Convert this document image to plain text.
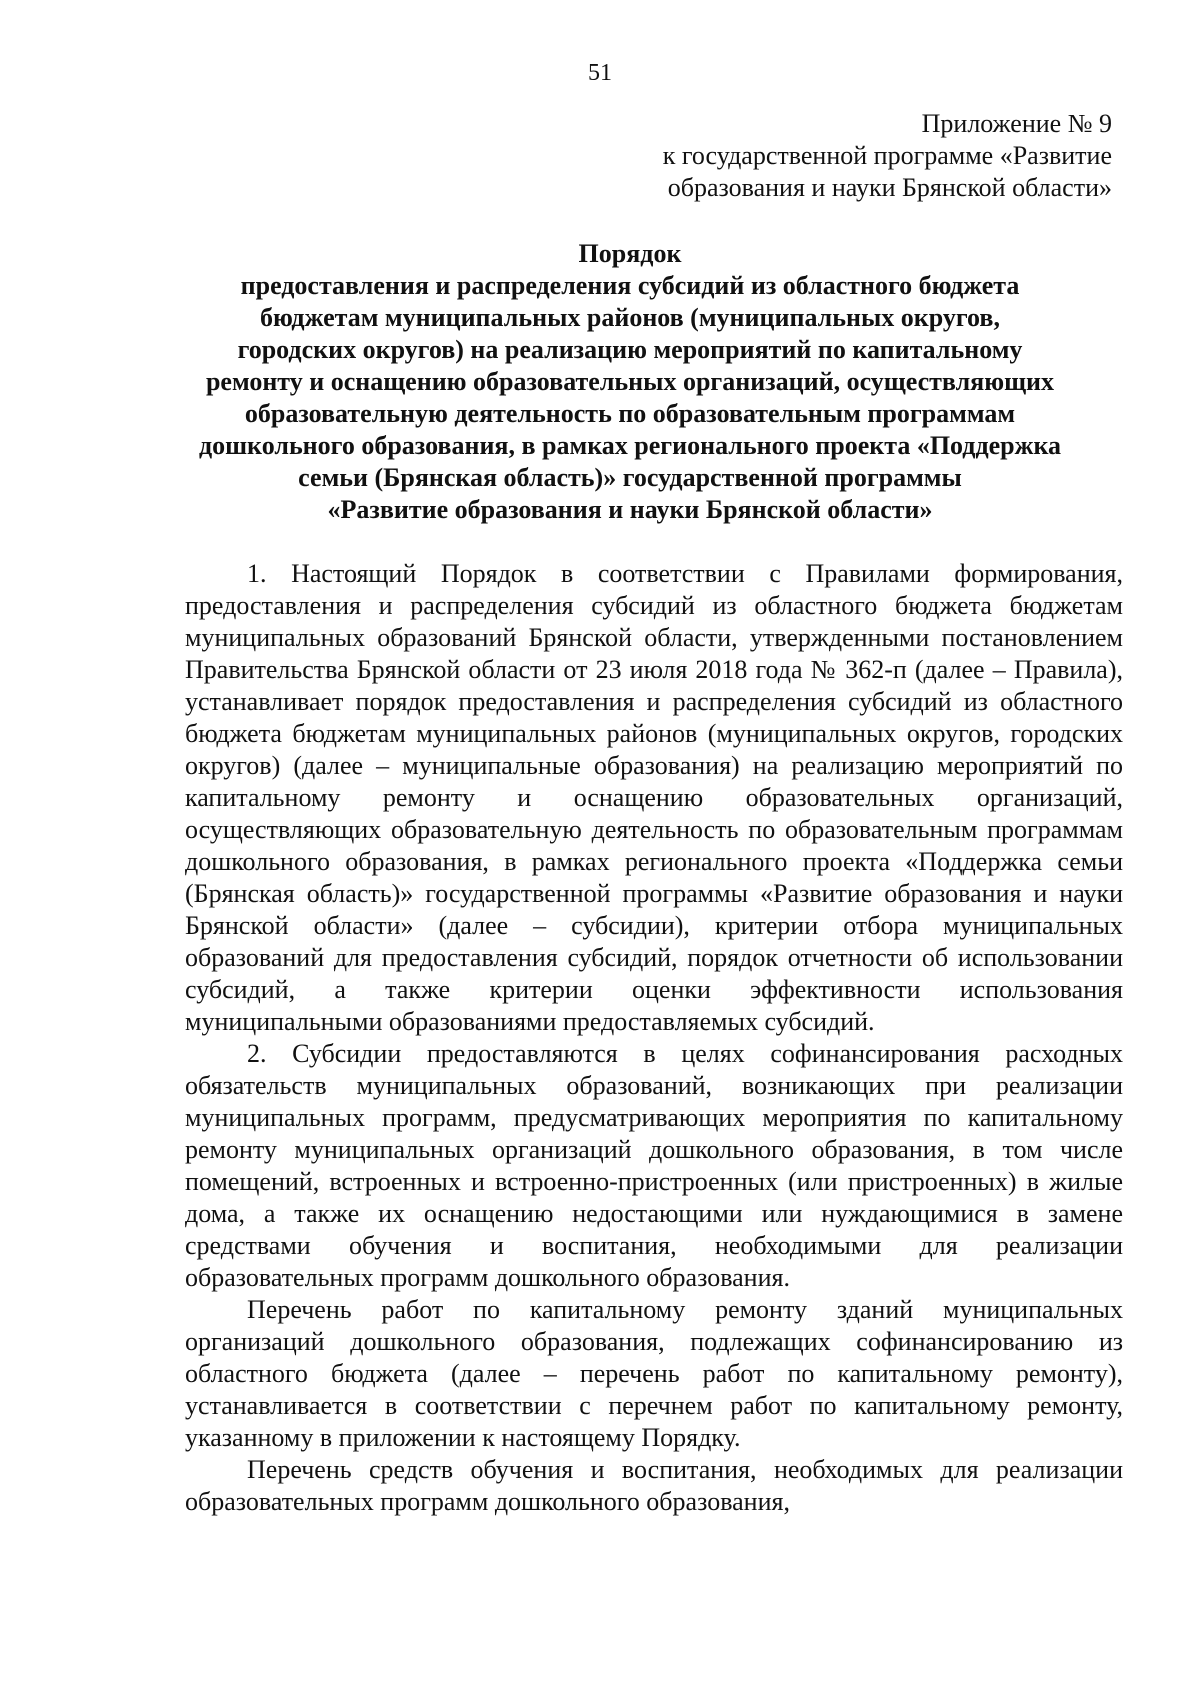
51
Приложение № 9
к государственной программе «Развитие
образования и науки Брянской области»
Порядок
предоставления и распределения субсидий из областного бюджета
бюджетам муниципальных районов (муниципальных округов,
городских округов) на реализацию мероприятий по капитальному
ремонту и оснащению образовательных организаций, осуществляющих
образовательную деятельность по образовательным программам
дошкольного образования, в рамках регионального проекта «Поддержка
семьи (Брянская область)» государственной программы
«Развитие образования и науки Брянской области»

1. Настоящий Порядок в соответствии с Правилами формирования, предоставления и распределения субсидий из областного бюджета бюджетам муниципальных образований Брянской области, утвержденными постановлением Правительства Брянской области от 23 июля 2018 года № 362-п (далее – Правила), устанавливает порядок предоставления и распределения субсидий из областного бюджета бюджетам муниципальных районов (муниципальных округов, городских округов) (далее – муниципальные образования) на реализацию мероприятий по капитальному ремонту и оснащению образовательных организаций, осуществляющих образовательную деятельность по образовательным программам дошкольного образования, в рамках регионального проекта «Поддержка семьи (Брянская область)» государственной программы «Развитие образования и науки Брянской области» (далее – субсидии), критерии отбора муниципальных образований для предоставления субсидий, порядок отчетности об использовании субсидий, а также критерии оценки эффективности использования муниципальными образованиями предоставляемых субсидий.

2. Субсидии предоставляются в целях софинансирования расходных обязательств муниципальных образований, возникающих при реализации муниципальных программ, предусматривающих мероприятия по капитальному ремонту муниципальных организаций дошкольного образования, в том числе помещений, встроенных и встроенно-пристроенных (или пристроенных) в жилые дома, а также их оснащению недостающими или нуждающимися в замене средствами обучения и воспитания, необходимыми для реализации образовательных программ дошкольного образования.

Перечень работ по капитальному ремонту зданий муниципальных организаций дошкольного образования, подлежащих софинансированию из областного бюджета (далее – перечень работ по капитальному ремонту), устанавливается в соответствии с перечнем работ по капитальному ремонту, указанному в приложении к настоящему Порядку.

Перечень средств обучения и воспитания, необходимых для реализации образовательных программ дошкольного образования,
